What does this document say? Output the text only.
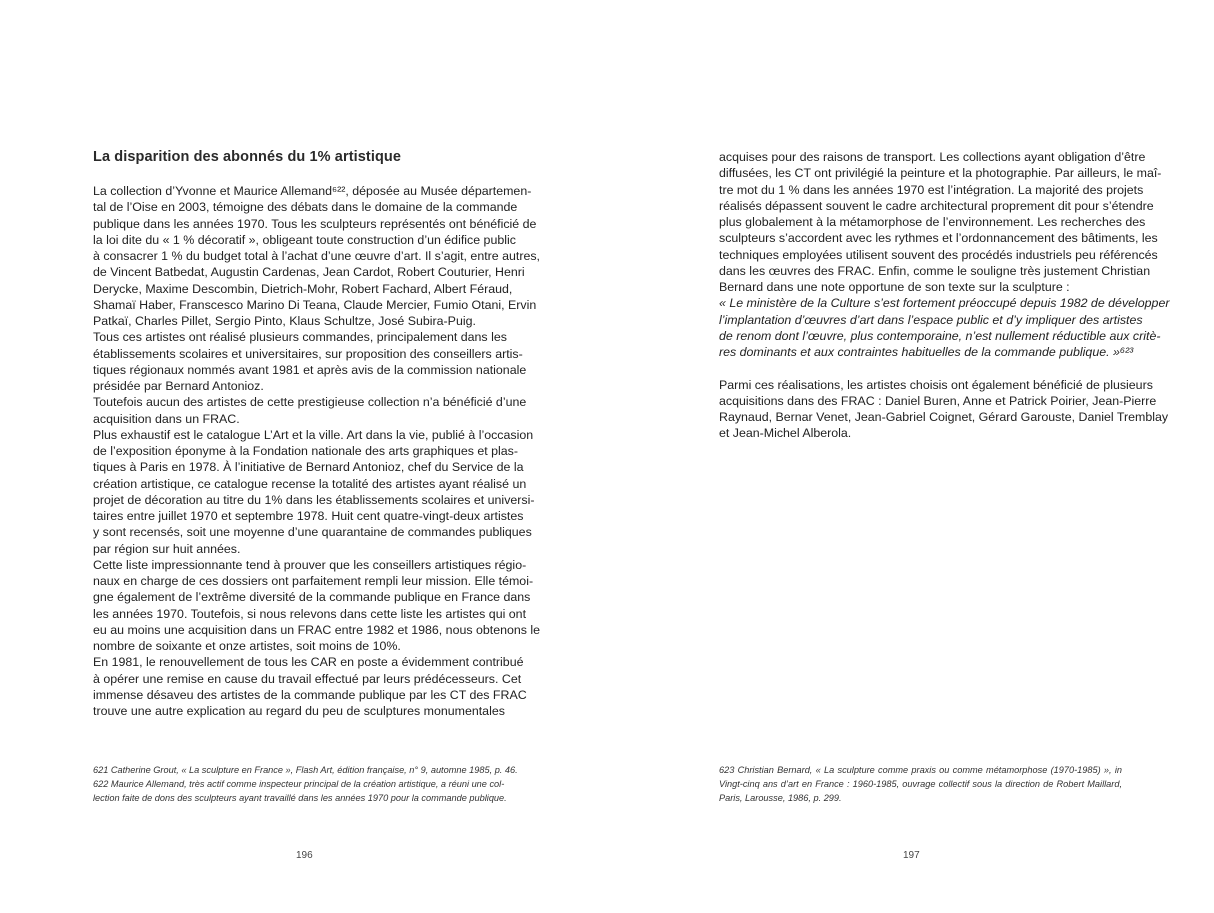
La disparition des abonnés du 1% artistique
La collection d’Yvonne et Maurice Allemand⁶²², déposée au Musée départemen-
tal de l’Oise en 2003, témoigne des débats dans le domaine de la commande
publique dans les années 1970. Tous les sculpteurs représentés ont bénéficié de
la loi dite du « 1 % décoratif », obligeant toute construction d’un édifice public
à consacrer 1 % du budget total à l’achat d’une œuvre d’art. Il s’agit, entre autres,
de Vincent Batbedat, Augustin Cardenas, Jean Cardot, Robert Couturier, Henri
Derycke, Maxime Descombin, Dietrich-Mohr, Robert Fachard, Albert Féraud,
Shamaï Haber, Franscesco Marino Di Teana, Claude Mercier, Fumio Otani, Ervin
Patkaï, Charles Pillet, Sergio Pinto, Klaus Schultze, José Subira-Puig.
Tous ces artistes ont réalisé plusieurs commandes, principalement dans les
établissements scolaires et universitaires, sur proposition des conseillers artis-
tiques régionaux nommés avant 1981 et après avis de la commission nationale
présidée par Bernard Antonioz.
Toutefois aucun des artistes de cette prestigieuse collection n’a bénéficié d’une
acquisition dans un FRAC.
Plus exhaustif est le catalogue L’Art et la ville. Art dans la vie, publié à l’occasion
de l’exposition éponyme à la Fondation nationale des arts graphiques et plas-
tiques à Paris en 1978. À l’initiative de Bernard Antonioz, chef du Service de la
création artistique, ce catalogue recense la totalité des artistes ayant réalisé un
projet de décoration au titre du 1% dans les établissements scolaires et universi-
taires entre juillet 1970 et septembre 1978. Huit cent quatre-vingt-deux artistes
y sont recensés, soit une moyenne d’une quarantaine de commandes publiques
par région sur huit années.
Cette liste impressionnante tend à prouver que les conseillers artistiques régio-
naux en charge de ces dossiers ont parfaitement rempli leur mission. Elle témoi-
gne également de l’extrême diversité de la commande publique en France dans
les années 1970. Toutefois, si nous relevons dans cette liste les artistes qui ont
eu au moins une acquisition dans un FRAC entre 1982 et 1986, nous obtenons le
nombre de soixante et onze artistes, soit moins de 10%.
En 1981, le renouvellement de tous les CAR en poste a évidemment contribué
à opérer une remise en cause du travail effectué par leurs prédécesseurs. Cet
immense désaveu des artistes de la commande publique par les CT des FRAC
trouve une autre explication au regard du peu de sculptures monumentales
621 Catherine Grout, « La sculpture en France », Flash Art, édition française, n° 9, automne 1985, p. 46.
622 Maurice Allemand, très actif comme inspecteur principal de la création artistique, a réuni une col-
lection faite de dons des sculpteurs ayant travaillé dans les années 1970 pour la commande publique.
196
acquises pour des raisons de transport. Les collections ayant obligation d’être
diffusées, les CT ont privilégié la peinture et la photographie. Par ailleurs, le maî-
tre mot du 1 % dans les années 1970 est l’intégration. La majorité des projets
réalisés dépassent souvent le cadre architectural proprement dit pour s’étendre
plus globalement à la métamorphose de l’environnement. Les recherches des
sculpteurs s’accordent avec les rythmes et l’ordonnancement des bâtiments, les
techniques employées utilisent souvent des procédés industriels peu référencés
dans les œuvres des FRAC. Enfin, comme le souligne très justement Christian
Bernard dans une note opportune de son texte sur la sculpture :
« Le ministère de la Culture s’est fortement préoccupé depuis 1982 de développer
l’implantation d’œuvres d’art dans l’espace public et d’y impliquer des artistes
de renom dont l’œuvre, plus contemporaine, n’est nullement réductible aux critè-
res dominants et aux contraintes habituelles de la commande publique. »⁶²³
Parmi ces réalisations, les artistes choisis ont également bénéficié de plusieurs
acquisitions dans des FRAC : Daniel Buren, Anne et Patrick Poirier, Jean-Pierre
Raynaud, Bernar Venet, Jean-Gabriel Coignet, Gérard Garouste, Daniel Tremblay
et Jean-Michel Alberola.
623 Christian Bernard, « La sculpture comme praxis ou comme métamorphose (1970-1985) », in
Vingt-cinq ans d’art en France : 1960-1985, ouvrage collectif sous la direction de Robert Maillard,
Paris, Larousse, 1986, p. 299.
197
